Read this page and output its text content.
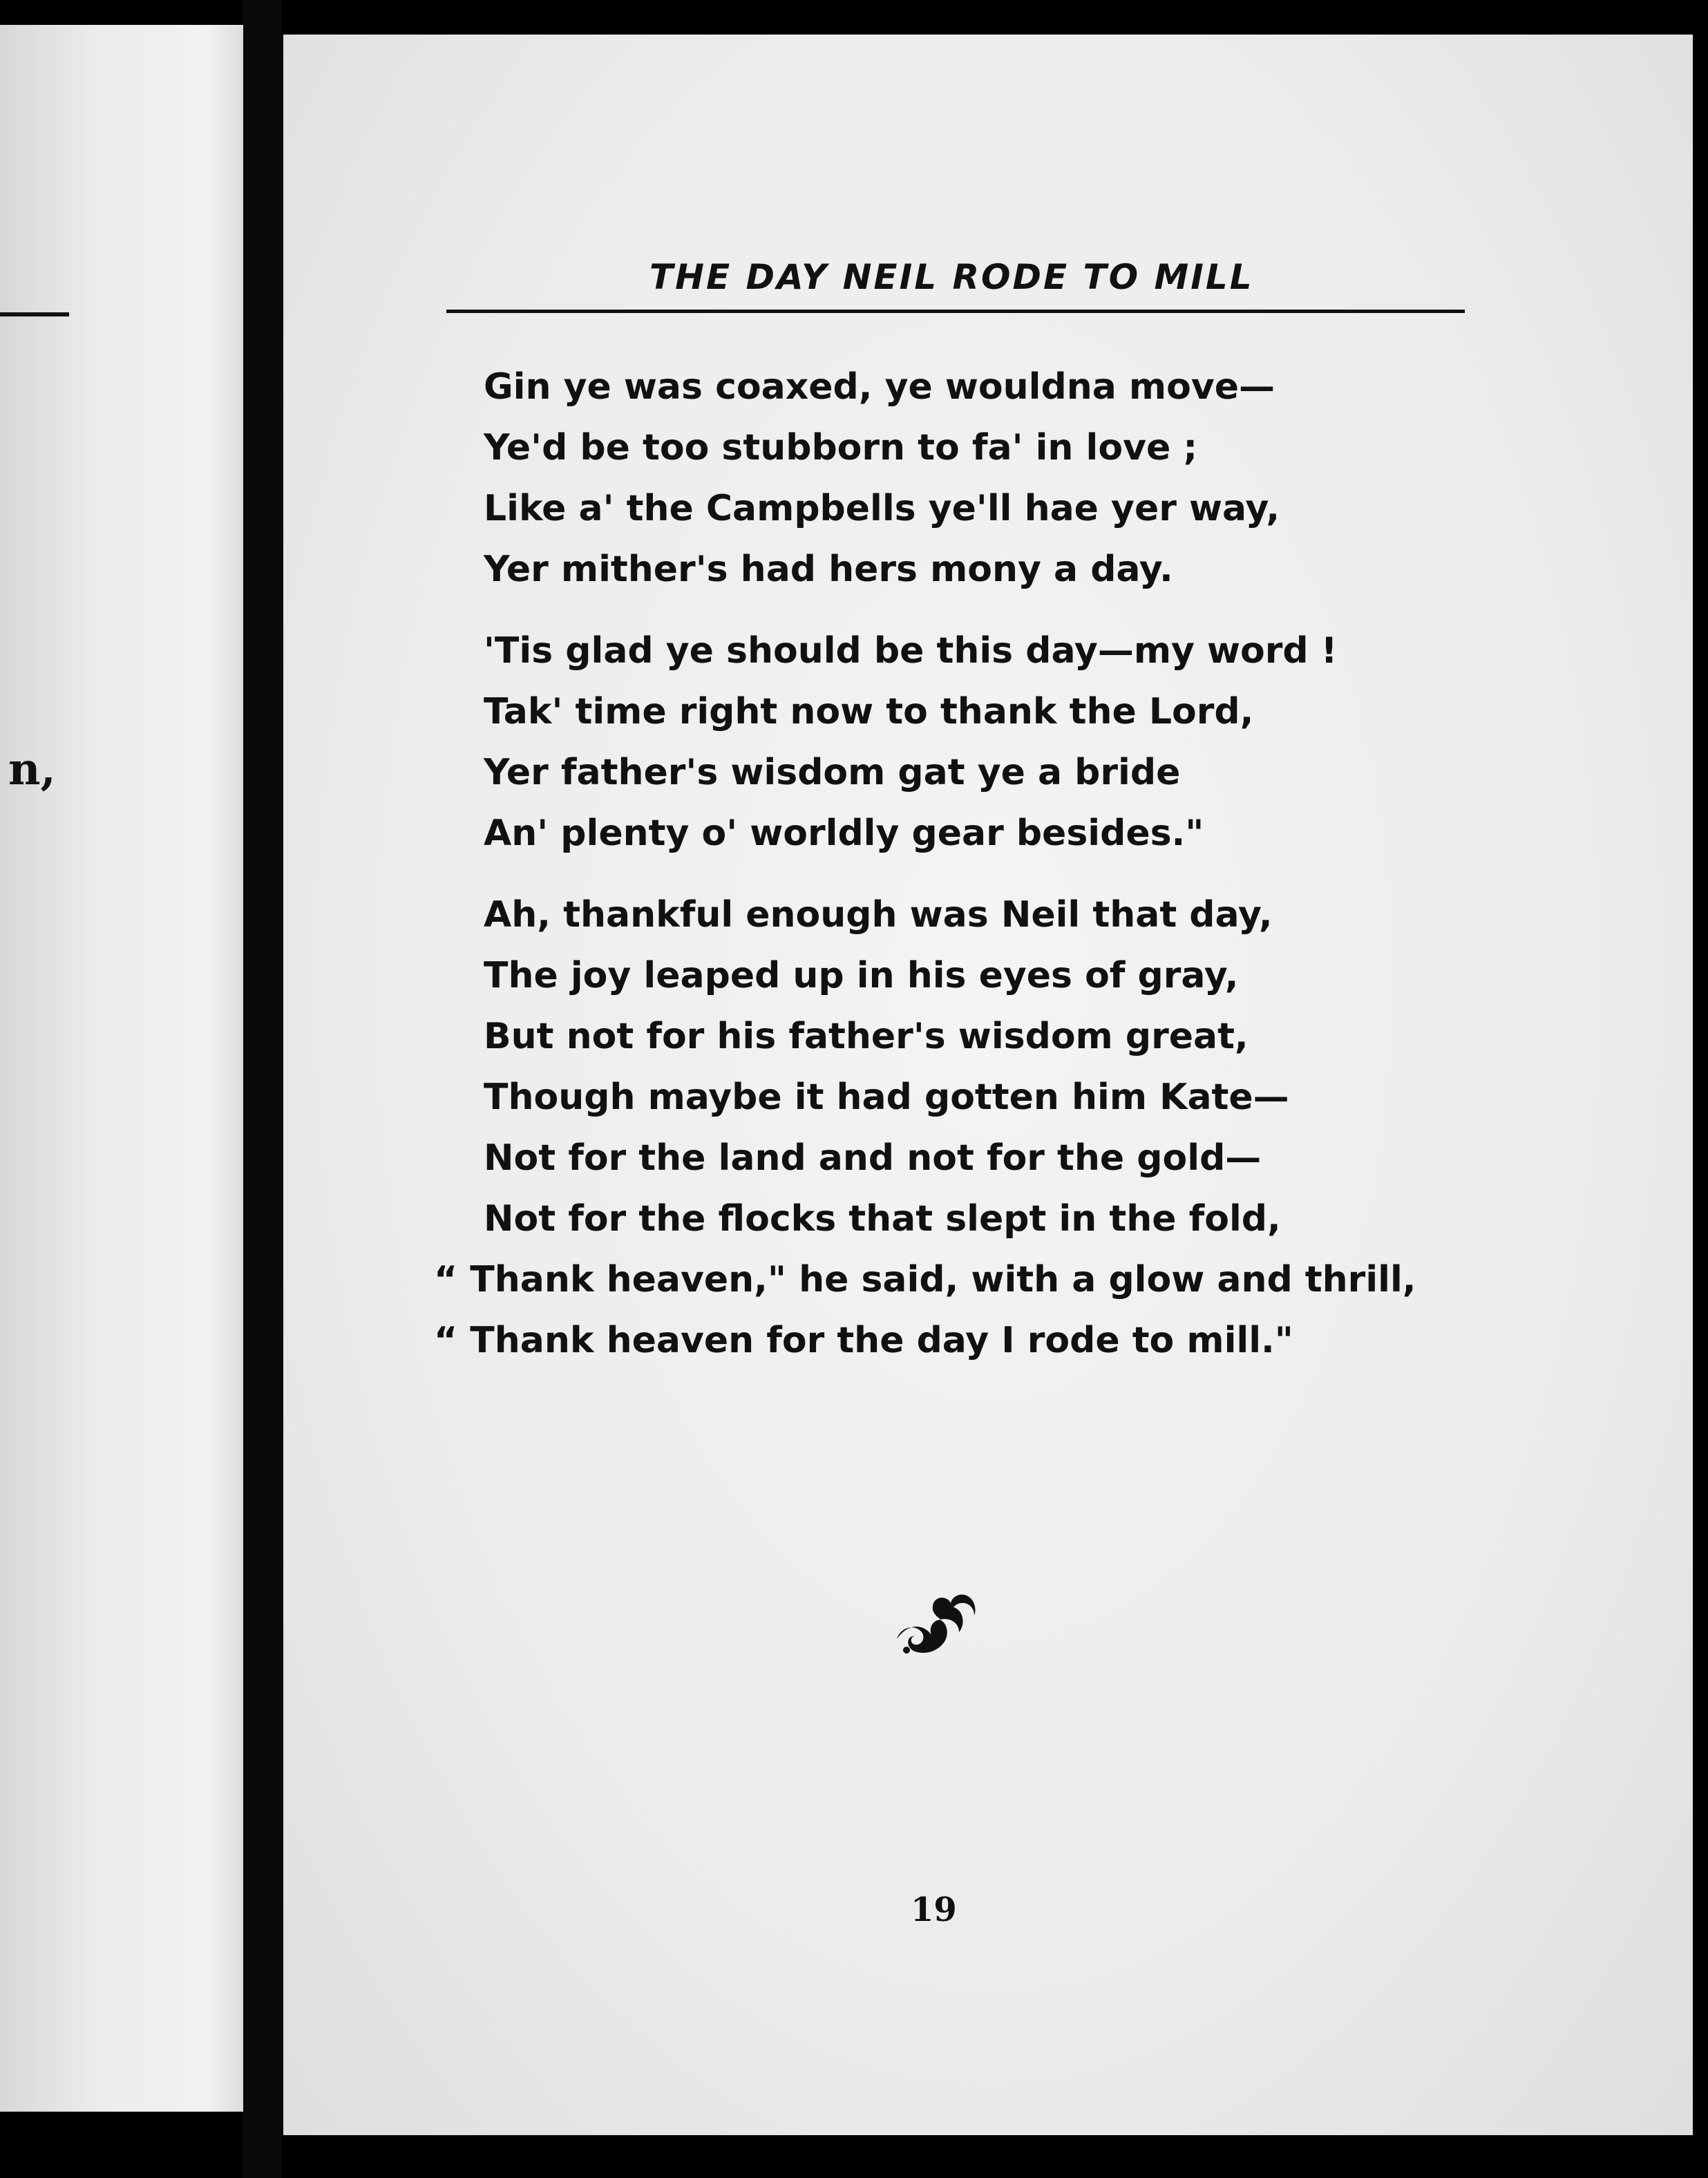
n,
THE DAY NEIL RODE TO MILL
Gin ye was coaxed, ye wouldna move—
Ye'd be too stubborn to fa' in love ;
Like a' the Campbells ye'll hae yer way,
Yer mither's had hers mony a day.
'Tis glad ye should be this day—my word !
Tak' time right now to thank the Lord,
Yer father's wisdom gat ye a bride
An' plenty o' worldly gear besides."
Ah, thankful enough was Neil that day,
The joy leaped up in his eyes of gray,
But not for his father's wisdom great,
Though maybe it had gotten him Kate—
Not for the land and not for the gold—
Not for the flocks that slept in the fold,
“ Thank heaven," he said, with a glow and thrill,
“ Thank heaven for the day I rode to mill."
19
